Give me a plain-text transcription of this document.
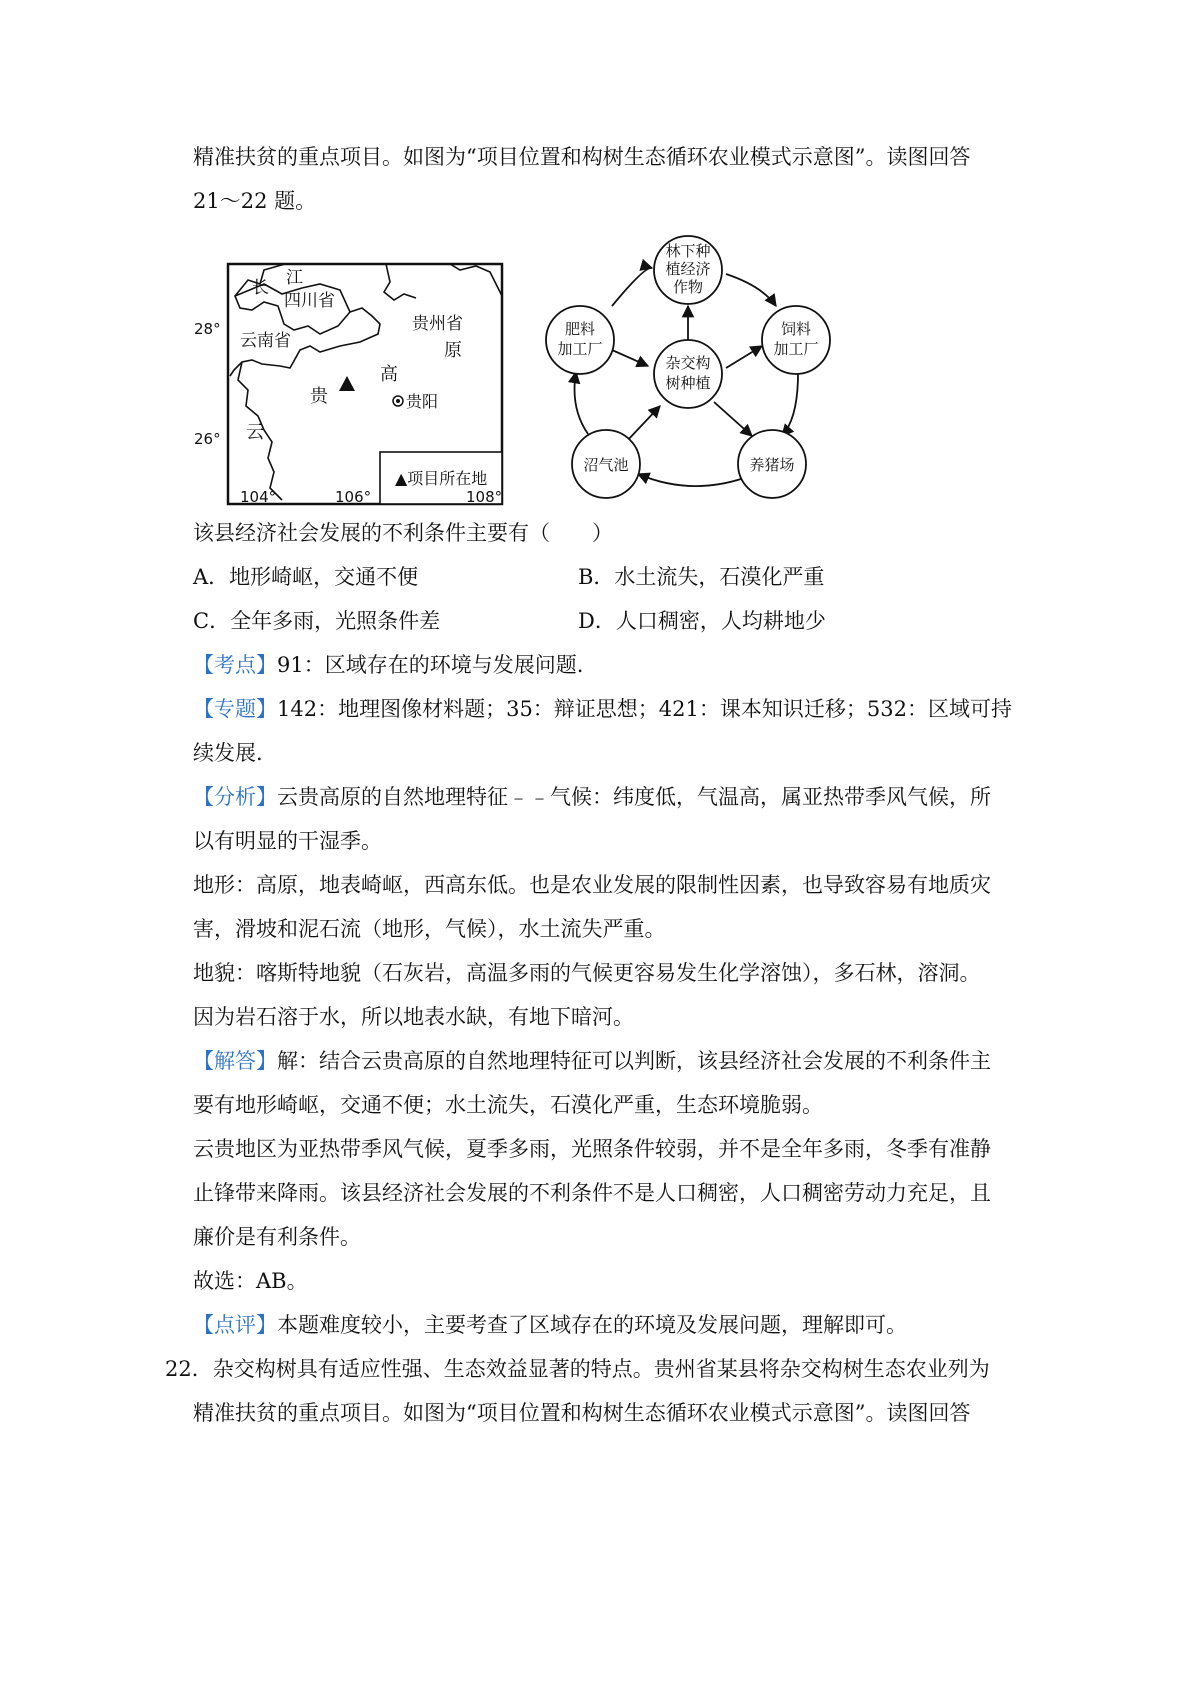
精准扶贫的重点项目。如图为“项目位置和构树生态循环农业模式示意图”。读图回答
21～22 题。
▲项目所在地
长 江
四川省
云南省
贵州省
原
高
贵	贵阳
云
28°
26°
104°	106°	108°
林下种
植经济
作物
肥料
加工厂
饲料
加工厂
杂交构
树种植
沼气池	养猪场
该县经济社会发展的不利条件主要有（　　）
A．地形崎岖，交通不便	B．水土流失，石漠化严重
C．全年多雨，光照条件差	D．人口稠密，人均耕地少
【考点】91：区域存在的环境与发展问题.
【专题】142：地理图像材料题；35：辩证思想；421：课本知识迁移；532：区域可持
续发展.
【分析】云贵高原的自然地理特征﹣﹣气候：纬度低，气温高，属亚热带季风气候，所
以有明显的干湿季。
地形：高原，地表崎岖，西高东低。也是农业发展的限制性因素，也导致容易有地质灾
害，滑坡和泥石流（地形，气候），水土流失严重。
地貌：喀斯特地貌（石灰岩，高温多雨的气候更容易发生化学溶蚀），多石林，溶洞。
因为岩石溶于水，所以地表水缺，有地下暗河。
【解答】解：结合云贵高原的自然地理特征可以判断，该县经济社会发展的不利条件主
要有地形崎岖，交通不便；水土流失，石漠化严重，生态环境脆弱。
云贵地区为亚热带季风气候，夏季多雨，光照条件较弱，并不是全年多雨，冬季有准静
止锋带来降雨。该县经济社会发展的不利条件不是人口稠密，人口稠密劳动力充足，且
廉价是有利条件。
故选：AB。
【点评】本题难度较小，主要考查了区域存在的环境及发展问题，理解即可。
22．杂交构树具有适应性强、生态效益显著的特点。贵州省某县将杂交构树生态农业列为
精准扶贫的重点项目。如图为“项目位置和构树生态循环农业模式示意图”。读图回答
